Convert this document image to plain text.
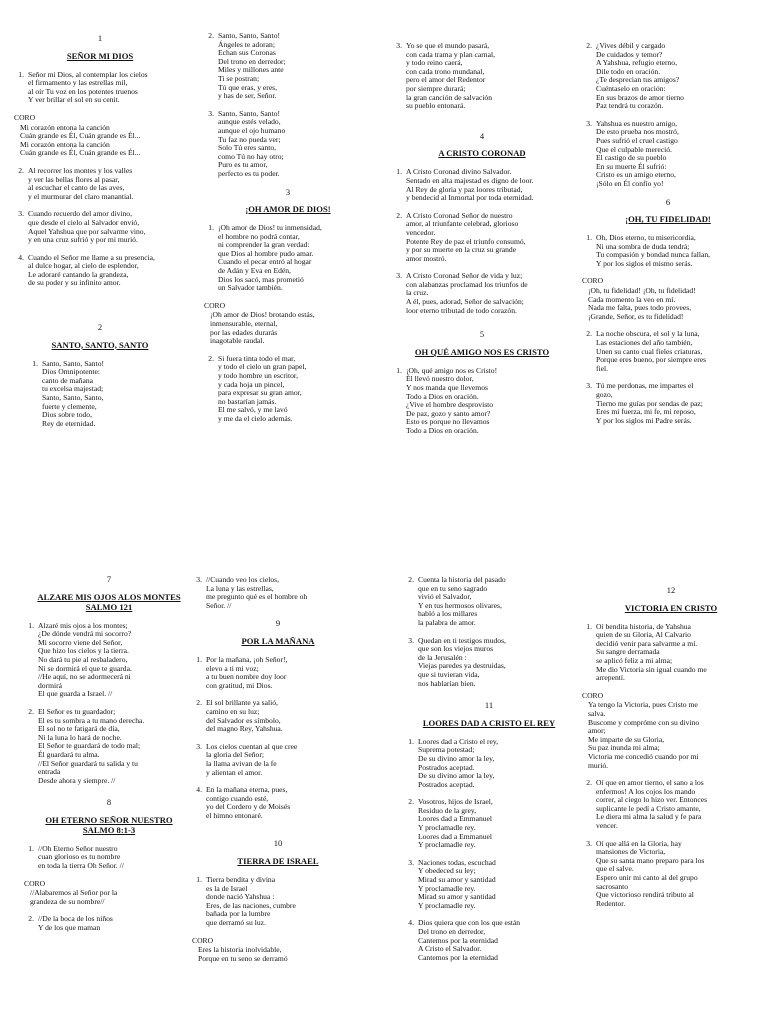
1
SEÑOR MI DIOS
1. Señor mi Dios, al contemplar los cielos
el firmamento y las estrellas mil,
al oír Tu voz en los potentes truenos
Y ver brillar el sol en su cenit.
CORO
Mi corazón entona la canción
Cuán grande es Él, Cuán grande es Él...
Mi corazón entona la canción
Cuán grande es Él, Cuán grande es Él...
2. Al recorrer los montes y los valles
y ver las bellas flores al pasar,
al escuchar el canto de las aves,
y el murmurar del claro manantial.
3. Cuando recuerdo del amor divino,
que desde el cielo al Salvador envió,
Aquel Yahshua que por salvarme vino,
y en una cruz sufrió y por mi murió.
4. Cuando el Señor me llame a su presencia,
al dulce hogar, al cielo de esplendor,
Le adoraré cantando la grandeza,
de su poder y su infinito amor.
2
SANTO, SANTO, SANTO
1. Santo, Santo, Santo!
Dios Omnipotente:
canto de mañana
tu excelsa majestad;
Santo, Santo, Santo,
fuerte y clemente,
Dios sobre todo,
Rey de eternidad.
2. Santo, Santo, Santo!
Ángeles te adoran;
Echan sus Coronas
Del trono en derredor;
Miles y millones ante
Ti se postran;
Tú que eras, y eres,
y has de ser, Señor.
3. Santo, Santo, Santo!
aunque estés velado,
aunque el ojo humano
Tu faz no pueda ver;
Solo Tú eres santo,
como Tú no hay otro;
Puro es tu amor,
perfecto es tu poder.
3
¡OH AMOR DE DIOS!
1. ¡Oh amor de Dios! tu inmensidad,
el hombre no podrá contar,
ni comprender la gran verdad:
que Dios al hombre pudo amar.
Cuando el pecar entró al hogar
de Adán y Eva en Edén,
Dios los sacó, mas prometió
un Salvador también.
CORO
¡Oh amor de Dios! brotando estás,
inmensurable, eternal,
por las edades durarás
inagotable raudal.
2. Si fuera tinta todo el mar,
y todo el cielo un gran papel,
y todo hombre un escritor,
y cada hoja un pincel,
para expresar su gran amor,
no bastarían jamás.
El me salvó, y me lavó
y me da el cielo además.
3. Yo se que el mundo pasará,
con cada trama y plan carnal,
y todo reino caerá,
con cada trono mundanal,
pero el amor del Redentor
por siempre durará;
la gran canción de salvación
su pueblo entonará.
4
A CRISTO CORONAD
1. A Cristo Coronad divino Salvador.
Sentado en alta majestad es digno de loor.
Al Rey de gloria y paz loores tributad,
y bendecid al Inmortal por toda eternidad.
2. A Cristo Coronad Señor de nuestro
amor, al triunfante celebrad, glorioso
vencedor.
Potente Rey de paz el triunfo consumó,
y por su muerte en la cruz su grande
amor mostró.
3. A Cristo Coronad Señor de vida y luz;
con alabanzas proclamad los triunfos de
la cruz.
A él, pues, adorad, Señor de salvación;
loor eterno tributad de todo corazón.
5
OH QUÉ AMIGO NOS ES CRISTO
1. ¡Oh, qué amigo nos es Cristo!
Él llevó nuestro dolor,
Y nos manda que llevemos
Todo a Dios en oración.
¿Vive el hombre desprovisto
De paz, gozo y santo amor?
Esto es porque no llevamos
Todo a Dios en oración.
2. ¿Vives débil y cargado
De cuidados y temor?
A Yahshua, refugio eterno,
Dile todo en oración.
¿Te desprecian tus amigos?
Cuéntaselo en oración:
En sus brazos de amor tierno
Paz tendrá tu corazón.
3. Yahshua es nuestro amigo,
De esto prueba nos mostró,
Pues sufrió el cruel castigo
Que el culpable mereció.
El castigo de su pueblo
En su muerte Él sufrió:
Cristo es un amigo eterno,
¡Sólo en Él confío yo!
6
¡OH, TU FIDELIDAD!
1. Oh, Dios eterno, tu misericordia,
Ni una sombra de duda tendrá;
Tu compasión y bondad nunca fallan,
Y por los siglos el mismo serás.
CORO
¡Oh, tu fidelidad! ¡Oh, tu fidelidad!
Cada momento la veo en mí.
Nada me falta, pues todo provees,
¡Grande, Señor, es tu fidelidad!
2. La noche obscura, el sol y la luna,
Las estaciones del año también,
Unen su canto cual fieles criaturas,
Porque eres bueno, por siempre eres
fiel.
3. Tú me perdonas, me impartes el
gozo,
Tierno me guías por sendas de paz;
Eres mi fuerza, mi fe, mi reposo,
Y por los siglos mi Padre serás.
7
ALZARE MIS OJOS ALOS MONTES
SALMO 121
1. Alzaré mis ojos a los montes;
¿De dónde vendrá mi socorro?
Mi socorro viene del Señor,
Que hizo los cielos y la tierra.
No dará tu pie al resbaladero,
Ni se dormirá el que te guarda.
//He aquí, no se adormecerá ni
dormirá
El que guarda a Israel. //
2. El Señor es tu guardador;
El es tu sombra a tu mano derecha.
El sol no te fatigará de día,
Ni la luna lo hará de noche.
El Señor te guardará de todo mal;
Él guardará tu alma.
//El Señor guardará tu salida y tu
entrada
Desde ahora y siempre. //
8
OH ETERNO SEÑOR NUESTRO
SALMO 8:1-3
1. //Oh Eterno Señor nuestro
cuan glorioso es tu nombre
en toda la tierra Oh Señor. //
CORO
//Alabaremos al Señor por la
grandeza de su nombre//
2. //De la boca de los niños
Y de los que maman
3. //Cuando veo los cielos,
La luna y las estrellas,
me pregunto qué es el hombre oh
Señor. //
9
POR LA MAÑANA
1. Por la mañana, ¡oh Señor!,
elevo a ti mi voz;
a tu buen nombre doy loor
con gratitud, mi Dios.
2. El sol brillante ya salió,
camino en su luz;
del Salvador es símbolo,
del magno Rey, Yahshua.
3. Los cielos cuentan al que cree
la gloria del Señor;
la llama avivan de la fe
y alientan el amor.
4. En la mañana eterna, pues,
contigo cuando esté,
yo del Cordero y de Moisés
el himno entonaré.
10
TIERRA DE ISRAEL
1. Tierra bendita y divina
es la de Israel
donde nació Yahshua :
Eres, de las naciones, cumbre
bañada por la lumbre
que derramó su luz.
CORO
Eres la historia inolvidable,
Porque en tu seno se derramó
2. Cuenta la historia del pasado
que en tu seno sagrado
vivió el Salvador,
Y en tus hermosos olivares,
habló a los millares
la palabra de amor.
3. Quedan en ti testigos mudos,
que son los viejos muros
de la Jerusalén :
Viejas paredes ya destruidas,
que si tuvieran vida,
nos hablarían bien.
11
LOORES DAD A CRISTO EL REY
1. Loores dad a Cristo el rey,
Suprema potestad;
De su divino amor la ley,
Postrados aceptad.
De su divino amor la ley,
Postrados aceptad.
2. Vosotros, hijos de Israel,
Residuo de la grey,
Loores dad a Emmanuel
Y proclamadle rey.
Loores dad a Emmanuel
Y proclamadle rey.
3. Naciones todas, escuchad
Y obedeced su ley;
Mirad su amor y santidad
Y proclamadle rey.
Mirad su amor y santidad
Y proclamadle rey.
4. Dios quiera que con los que están
Del trono en derredor,
Cantemos por la eternidad
A Cristo el Salvador.
Cantemos por la eternidad
12
VICTORIA EN CRISTO
1. Oí bendita historia, de Yahshua
quien de su Gloria, Al Calvario
decidió venir para salvarme a mí.
Su sangre derramada
se aplicó feliz a mi alma;
Me dio Victoria sin igual cuando me
arrepentí.
CORO
Ya tengo la Victoria, pues Cristo me
salva.
Buscome y compróme con su divino
amor;
Me imparte de su Gloria,
Su paz inunda mi alma;
Victoria me concedió cuando por mi
murió.
2. Oí que en amor tierno, el sano a los
enfermos! A los cojos los mando
correr, al ciego lo hizo ver. Entonces
suplicante le pedí a Cristo amante,
Le diera mi alma la salud y fe para
vencer.
3. Oí que allá en la Gloria, hay
mansiones de Victoria,
Que su santa mano preparo para los
que el salve.
Espero unir mi canto al del grupo
sacrosanto
Que victorioso rendirá tributo al
Redentor.
